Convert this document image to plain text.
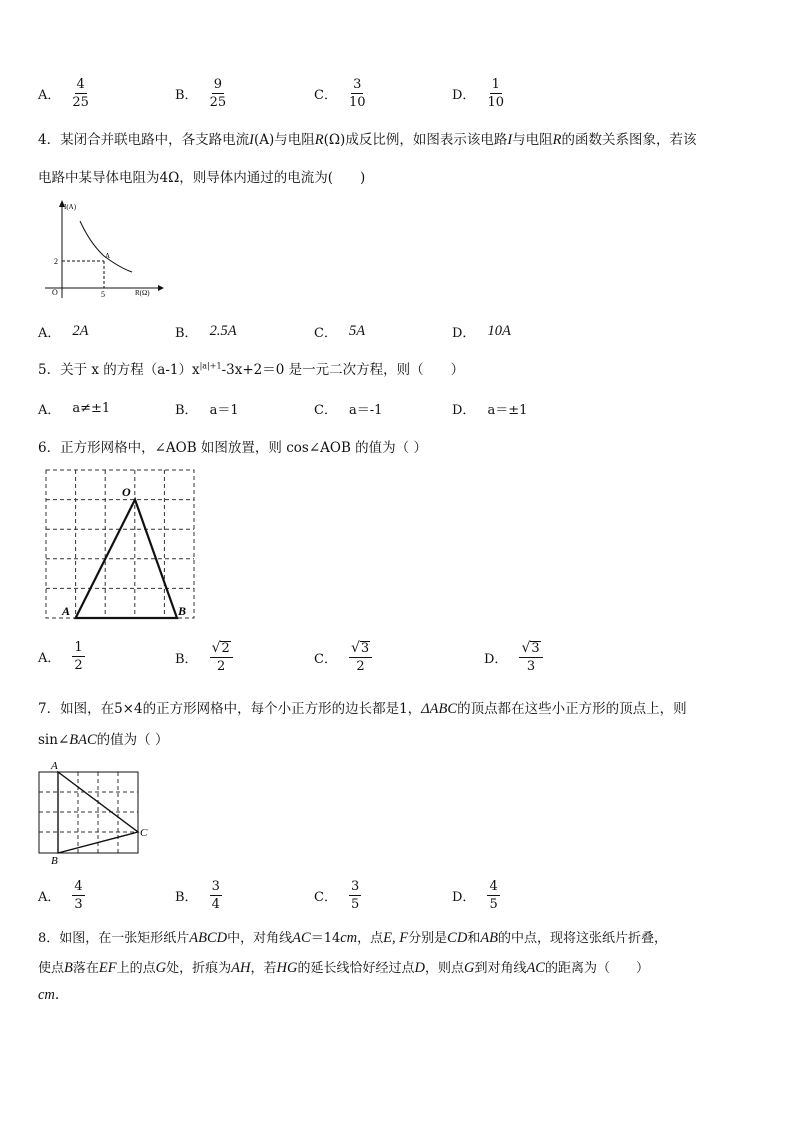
A． $\frac{4}{25}$	B． $\frac{9}{25}$	C． $\frac{3}{10}$	D． $\frac{1}{10}$
4．某闭合并联电路中，各支路电流I(A)与电阻R(Ω)成反比例，如图表示该电路I与电阻R的函数关系图象，若该
电路中某导体电阻为4Ω，则导体内通过的电流为(　　)
I(A)
R(Ω)
O
2
5
A
A． 2A	B． 2.5A	C． 5A	D． 10A
5．关于 x 的方程$(a-1)x^{|a|+1}-3x+2=0$ 是一元二次方程，则（　　）
A． a≠±1	B． a＝1	C． a＝-1	D． a＝±1
6．正方形网格中，∠AOB 如图放置，则 cos∠AOB 的值为（ ）
O
A	B
A． $\frac{1}{2}$	B． $\frac{√ 2}{2}$	C． $\frac{√ 3}{2}$	D． $\frac{√ 3}{3}$
7．如图，在5×4的正方形网格中，每个小正方形的边长都是1，ΔABC的顶点都在这些小正方形的顶点上，则
sin∠BAC的值为（ ）
A
B
C
A． $\frac{4}{3}$	B． $\frac{3}{4}$	C． $\frac{3}{5}$	D． $\frac{4}{5}$
8．如图，在一张矩形纸片ABCD中，对角线AC＝14cm，点E, F分别是CD和AB的中点，现将这张纸片折叠，
使点B落在EF上的点G处，折痕为AH，若HG的延长线恰好经过点D，则点G到对角线AC的距离为（　　）
cm.
